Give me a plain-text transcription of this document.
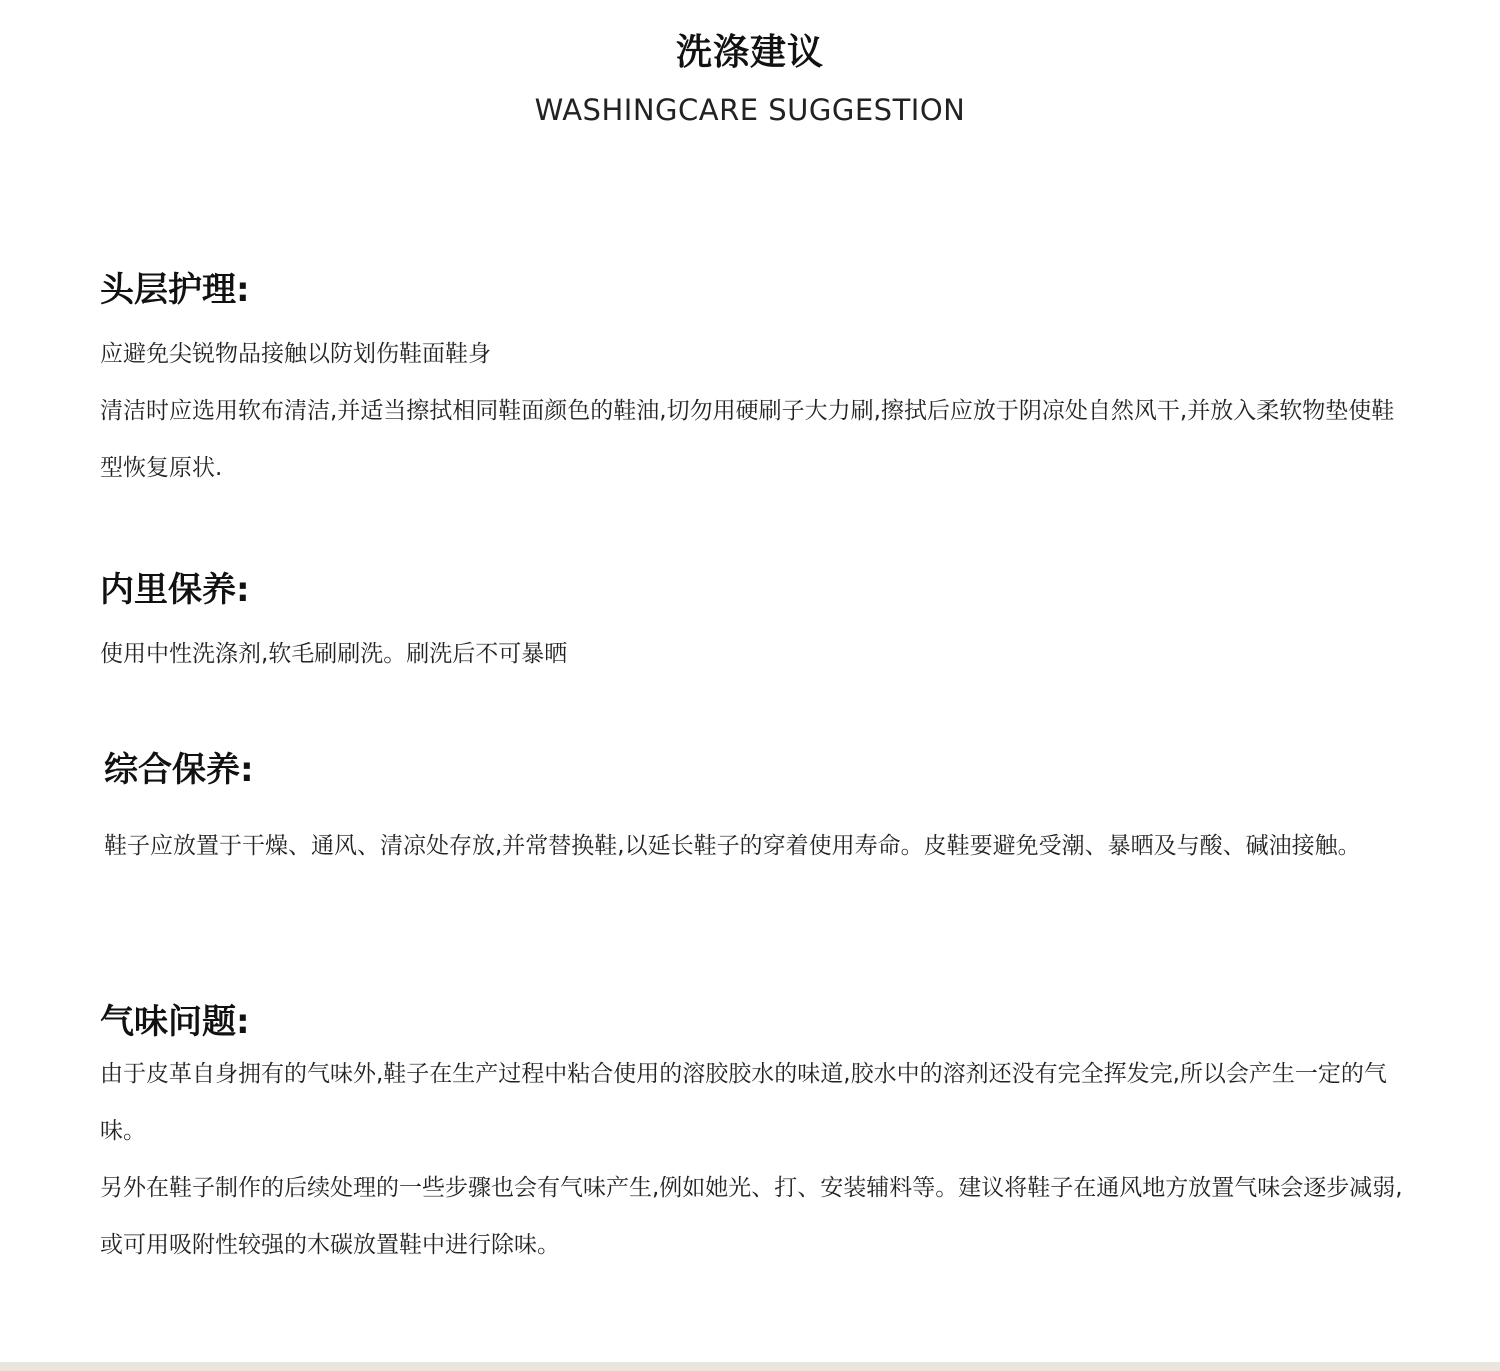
洗涤建议
WASHINGCARE SUGGESTION
头层护理:

应避免尖锐物品接触以防划伤鞋面鞋身

清洁时应选用软布清洁,并适当擦拭相同鞋面颜色的鞋油,切勿用硬刷子大力刷,擦拭后应放于阴凉处自然风干,并放入柔软物垫使鞋型恢复原状.

内里保养:

使用中性洗涤剂,软毛刷刷洗。刷洗后不可暴晒

综合保养:

鞋子应放置于干燥、通风、清凉处存放,并常替换鞋,以延长鞋子的穿着使用寿命。皮鞋要避免受潮、暴晒及与酸、碱油接触。

气味问题:

由于皮革自身拥有的气味外,鞋子在生产过程中粘合使用的溶胶胶水的味道,胶水中的溶剂还没有完全挥发完,所以会产生一定的气味。

另外在鞋子制作的后续处理的一些步骤也会有气味产生,例如她光、打、安装辅料等。建议将鞋子在通风地方放置气味会逐步减弱,或可用吸附性较强的木碳放置鞋中进行除味。
